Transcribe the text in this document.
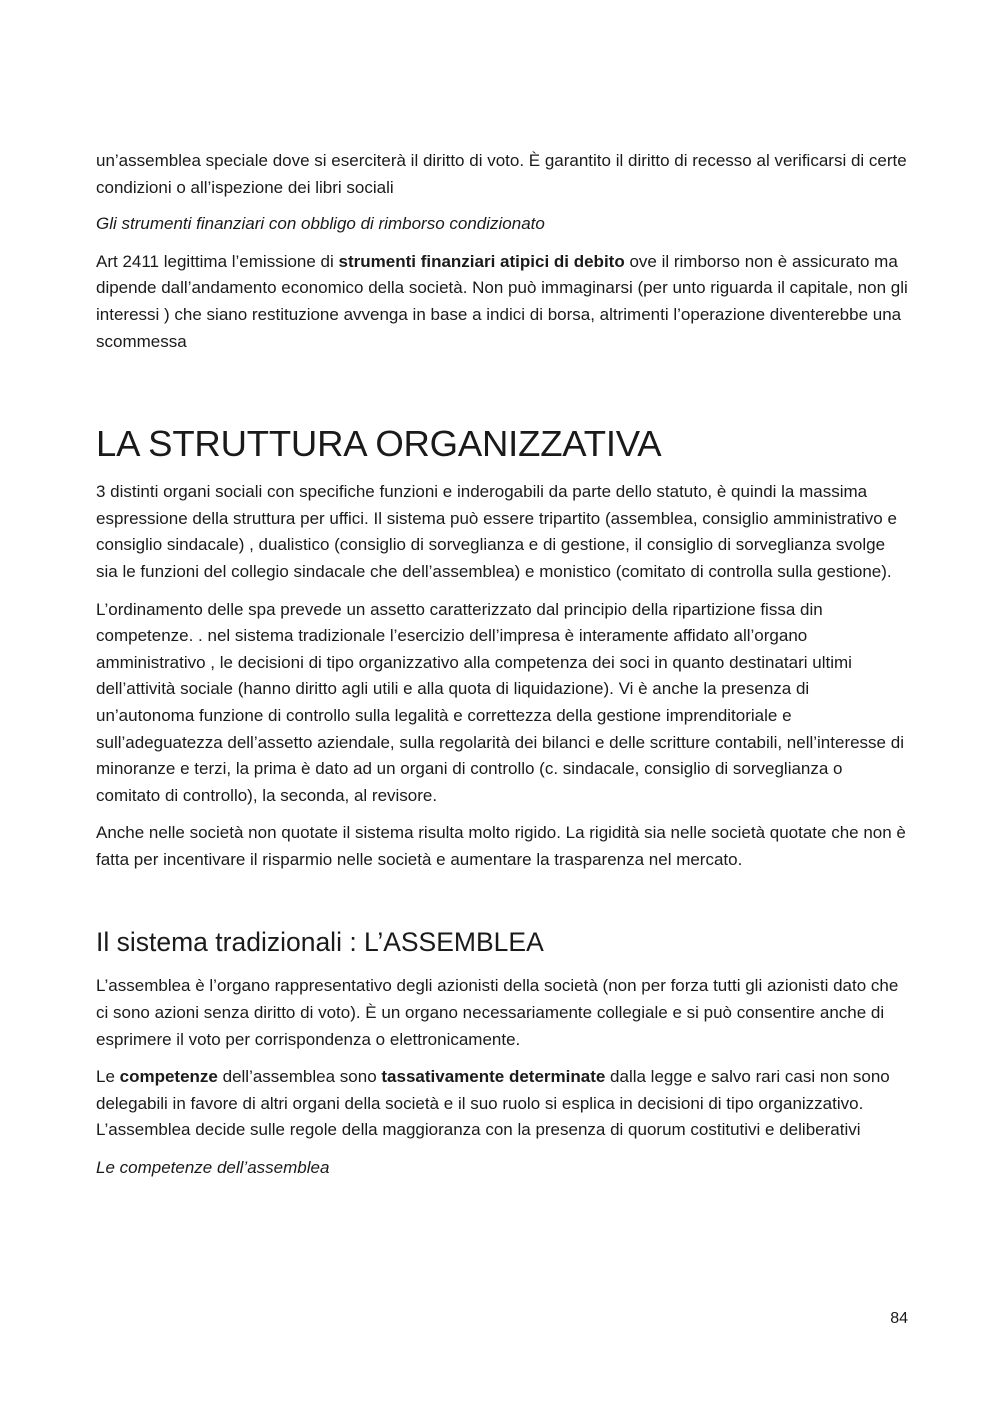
un’assemblea speciale dove si eserciterà il diritto di voto. È garantito il diritto di recesso al verificarsi di certe condizioni o all’ispezione dei libri sociali

Gli strumenti finanziari con obbligo di rimborso condizionato

Art 2411 legittima l’emissione di strumenti finanziari atipici di debito ove il rimborso non è assicurato ma dipende dall’andamento economico della società. Non può immaginarsi (per unto riguarda il capitale, non gli interessi ) che siano restituzione avvenga in base a indici di borsa, altrimenti l’operazione diventerebbe una scommessa

LA STRUTTURA ORGANIZZATIVA

3 distinti organi sociali con specifiche funzioni e inderogabili da parte dello statuto, è quindi la massima espressione della struttura per uffici. Il sistema può essere tripartito (assemblea, consiglio amministrativo e consiglio sindacale) , dualistico (consiglio di sorveglianza e di gestione, il consiglio di sorveglianza svolge sia le funzioni del collegio sindacale che dell’assemblea) e monistico (comitato di controlla sulla gestione).

L’ordinamento delle spa prevede un assetto caratterizzato dal principio della ripartizione fissa din competenze. . nel sistema tradizionale l’esercizio dell’impresa è interamente affidato all’organo amministrativo , le decisioni di tipo organizzativo alla competenza dei soci in quanto destinatari ultimi dell’attività sociale (hanno diritto agli utili e alla quota di liquidazione). Vi è anche la presenza di un’autonoma funzione di controllo sulla legalità e correttezza della gestione imprenditoriale e sull’adeguatezza dell’assetto aziendale, sulla regolarità dei bilanci e delle scritture contabili, nell’interesse di minoranze e terzi, la prima è dato ad un organi di controllo (c. sindacale, consiglio di sorveglianza o comitato di controllo), la seconda, al revisore.

Anche nelle società non quotate il sistema risulta molto rigido. La rigidità sia nelle società quotate che non è fatta per incentivare il risparmio nelle società e aumentare la trasparenza nel mercato.

Il sistema tradizionali : L’ASSEMBLEA

L’assemblea è l’organo rappresentativo degli azionisti della società (non per forza tutti gli azionisti dato che ci sono azioni senza diritto di voto). È un organo necessariamente collegiale e si può consentire anche di esprimere il voto per corrispondenza o elettronicamente.

Le competenze dell’assemblea sono tassativamente determinate dalla legge e salvo rari casi non sono delegabili in favore di altri organi della società e il suo ruolo si esplica in decisioni di tipo organizzativo. L’assemblea decide sulle regole della maggioranza con la presenza di quorum costitutivi e deliberativi

Le competenze dell’assemblea

84
